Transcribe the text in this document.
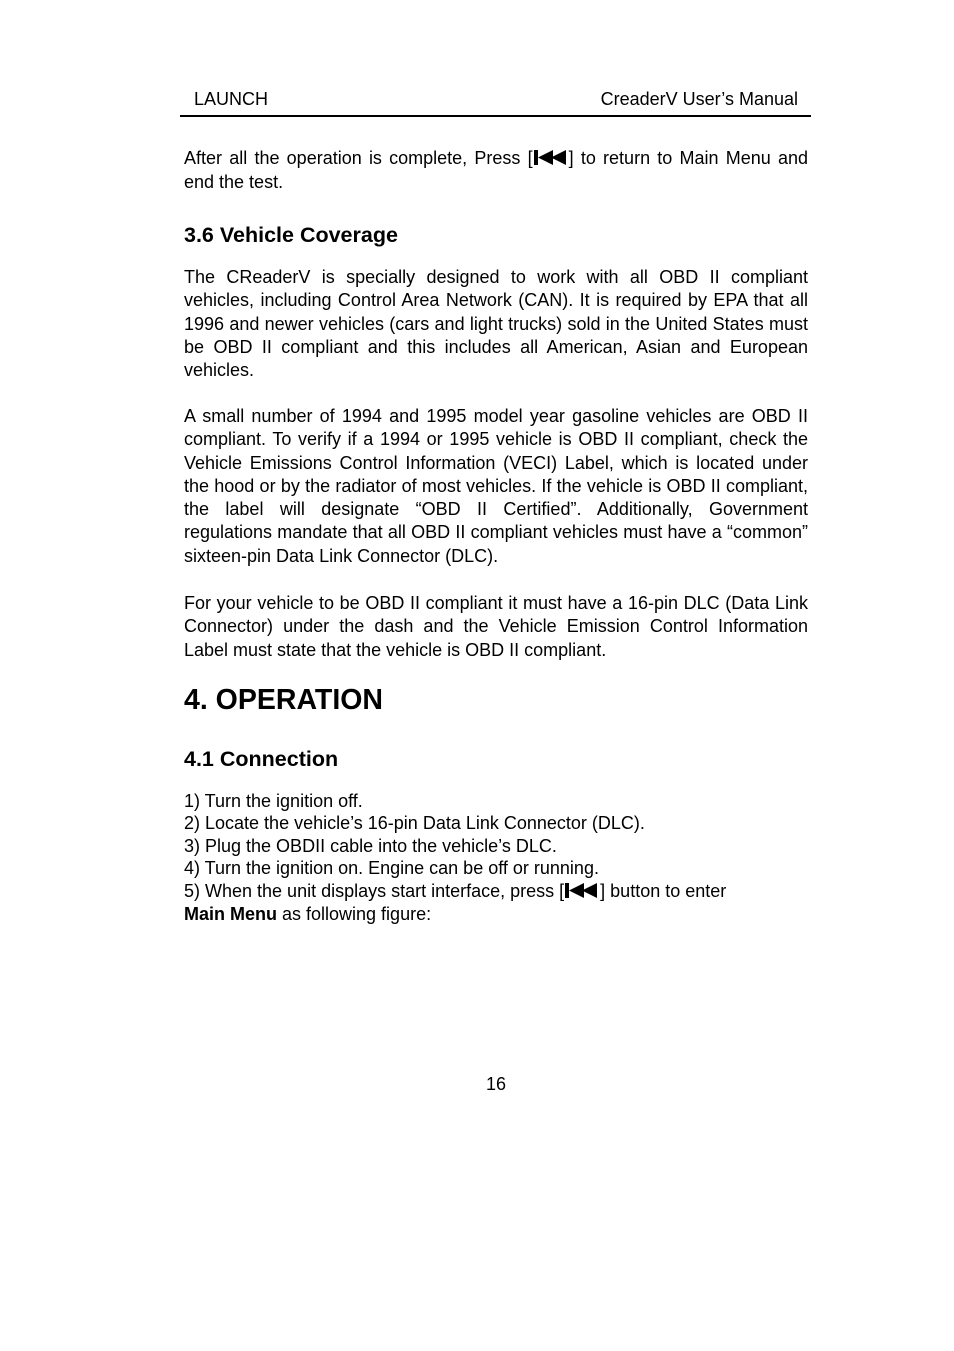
LAUNCH	CreaderV User’s Manual
After all the operation is complete, Press [ ] to return to Main Menu and end the test.
3.6 Vehicle Coverage
The CReaderV is specially designed to work with all OBD II compliant vehicles, including Control Area Network (CAN). It is required by EPA that all 1996 and newer vehicles (cars and light trucks) sold in the United States must be OBD II compliant and this includes all American, Asian and European vehicles.
A small number of 1994 and 1995 model year gasoline vehicles are OBD II compliant. To verify if a 1994 or 1995 vehicle is OBD II compliant, check the Vehicle Emissions Control Information (VECI) Label, which is located under the hood or by the radiator of most vehicles. If the vehicle is OBD II compliant, the label will designate “OBD II Certified”. Additionally, Government regulations mandate that all OBD II compliant vehicles must have a “common” sixteen-pin Data Link Connector (DLC).
For your vehicle to be OBD II compliant it must have a 16-pin DLC (Data Link Connector) under the dash and the Vehicle Emission Control Information Label must state that the vehicle is OBD II compliant.
4. OPERATION
4.1 Connection
1) Turn the ignition off.
2) Locate the vehicle’s 16-pin Data Link Connector (DLC).
3) Plug the OBDII cable into the vehicle’s DLC.
4) Turn the ignition on. Engine can be off or running.
5) When the unit displays start interface, press [ ] button to enter
Main Menu as following figure:
16
